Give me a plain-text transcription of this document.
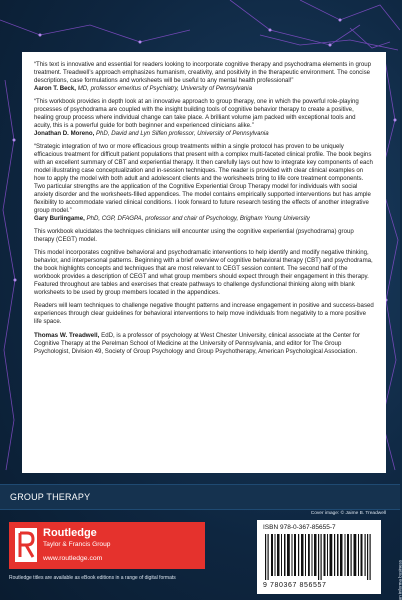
“This text is innovative and essential for readers looking to incorporate cognitive therapy and psychodrama elements in group treatment. Treadwell’s approach emphasizes humanism, creativity, and positivity in the therapeutic environment. The concise descriptions, case formulations and worksheets will be useful to any mental health professional!”
Aaron T. Beck, MD, professor emeritus of Psychiatry, University of Pennsylvania

“This workbook provides in depth look at an innovative approach to group therapy, one in which the powerful role-playing processes of psychodrama are coupled with the insight building tools of cognitive behavior therapy to create a positive, healing group process where individual change can take place. A brilliant volume jam packed with exceptional tools and acuity, this is a powerful guide for both beginner and experienced clinicians alike.”
Jonathan D. Moreno, PhD, David and Lyn Silfen professor, University of Pennsylvania

“Strategic integration of two or more efficacious group treatments within a single protocol has proven to be uniquely efficacious treatment for difficult patient populations that present with a complex multi-faceted clinical profile. The book begins with an excellent summary of CBT and experiential therapy. It then carefully lays out how to integrate key components of each model illustrating case conceptualization and in-session techniques. The reader is provided with clear clinical examples on how to apply the model with both adult and adolescent clients and the worksheets bring to life core treatment components. Two particular strengths are the application of the Cognitive Experiential Group Therapy model for individuals with social anxiety disorder and the worksheets-filled appendices. The model contains empirically supported interventions but has ample flexibility to accommodate varied clinical conditions. I look forward to future research testing the effects of another integrative group model.”
Gary Burlingame, PhD, CGP, DFAGPA, professor and chair of Psychology, Brigham Young University

This workbook elucidates the techniques clinicians will encounter using the cognitive experiential (psychodrama) group therapy (CEGT) model.

This model incorporates cognitive behavioral and psychodramatic interventions to help identify and modify negative thinking, behavior, and interpersonal patterns. Beginning with a brief overview of cognitive behavioral therapy (CBT) and psychodrama, the book highlights concepts and techniques that are most relevant to CEGT session content. The second half of the workbook provides a description of CEGT and what group members should expect through their engagement in this therapy. Featured throughout are tables and exercises that create pathways to challenge dysfunctional thinking along with blank worksheets to be used by group members located in the appendices.

Readers will learn techniques to challenge negative thought patterns and increase engagement in positive and success-based experiences through clear guidelines for behavioral interventions to help move individuals from negativity to a more positive life space.

Thomas W. Treadwell, EdD, is a professor of psychology at West Chester University, clinical associate at the Center for Cognitive Therapy at the Perelman School of Medicine at the University of Pennsylvania, and editor for The Group Psychologist, Division 49, Society of Group Psychology and Group Psychotherapy, American Psychological Association.

GROUP THERAPY
Cover image: © Jaime B. Treadwell
Routledge
Taylor & Francis Group
www.routledge.com
Routledge titles are available as eBook editions in a range of digital formats
ISBN 978-0-367-85655-7
9 780367 856557	an informa business
